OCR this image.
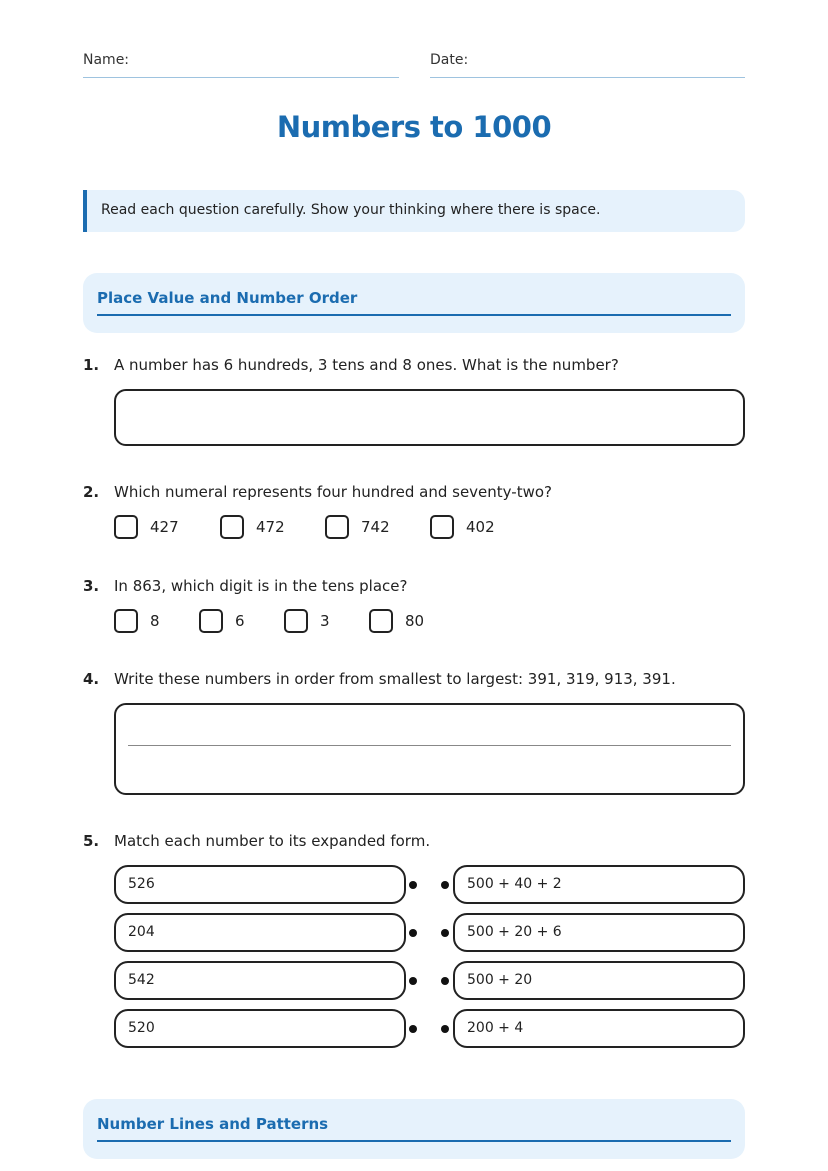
Name:	Date:
Numbers to 1000
Read each question carefully. Show your thinking where there is space.
Place Value and Number Order
1. A number has 6 hundreds, 3 tens and 8 ones. What is the number?
2. Which numeral represents four hundred and seventy-two?
427	472	742	402
3. In 863, which digit is in the tens place?
8	6	3	80
4. Write these numbers in order from smallest to largest: 391, 319, 913, 391.
5. Match each number to its expanded form.
526	500 + 40 + 2
204	500 + 20 + 6
542	500 + 20
520	200 + 4
Number Lines and Patterns
